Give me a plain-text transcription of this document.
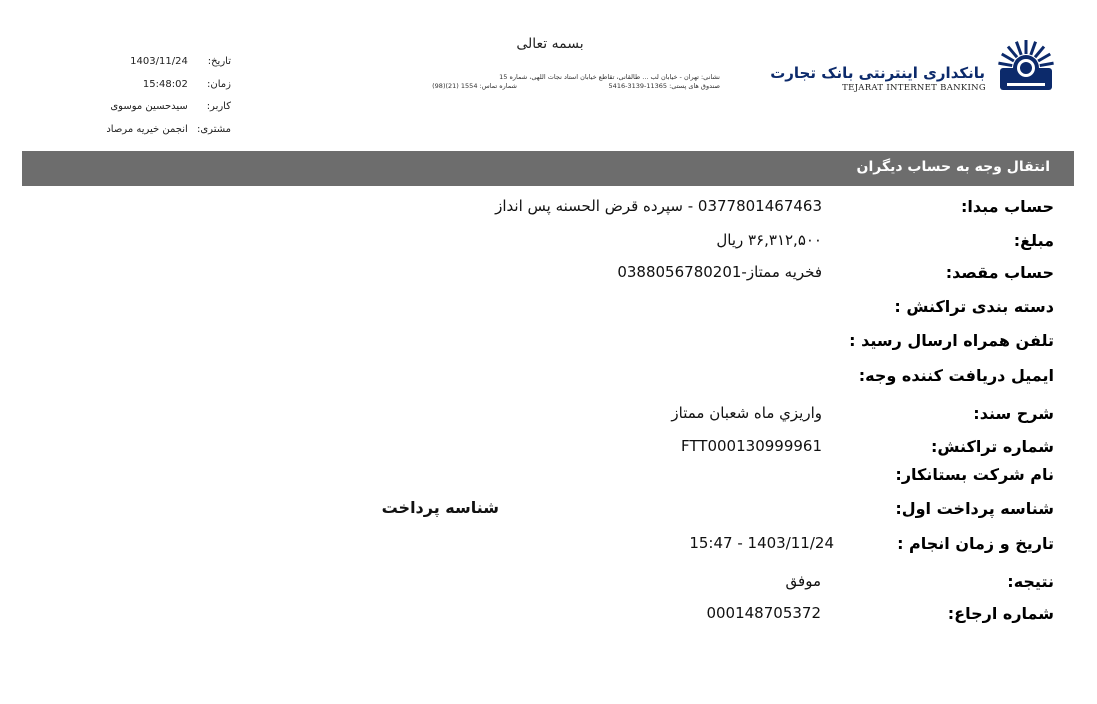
تاریخ: 1403/11/24
زمان: 15:48:02
کاربر: سیدحسین موسوی
مشتری: انجمن خیریه مرصاد
بسمه تعالی
نشانی: تهران - خیابان لب ... طالقانی، تقاطع خیابان استاد نجات اللهی، شماره 15
صندوق های پستی: 11365-3139-5416
شماره تماس: 1554 (21)(98)
بانکداری اینترنتی بانک تجارت
TEJARAT INTERNET BANKING
انتقال وجه به حساب دیگران
حساب مبدا:
0377801467463 - سپرده قرض الحسنه پس انداز
مبلغ:
۳۶,۳۱۲,۵۰۰ ریال
حساب مقصد:
فخریه ممتاز-0388056780201
دسته بندی تراکنش :
تلفن همراه ارسال رسید :
ایمیل دریافت کننده وجه:
شرح سند:
واریزي ماه شعبان ممتاز
شماره تراکنش:
FTT000130999961
نام شرکت بستانکار:
شناسه پرداخت اول:
شناسه پرداخت
تاریخ و زمان انجام :
1403/11/24 - 15:47
نتیجه:
موفق
شماره ارجاع:
000148705372
